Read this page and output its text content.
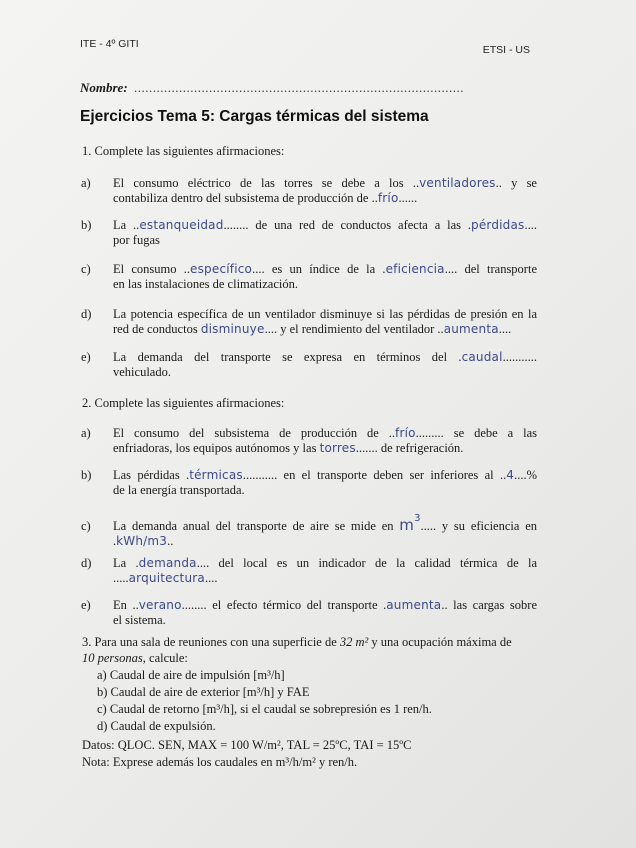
ITE - 4º GITI	ETSI - US
Nombre: ........................................................................................
Ejercicios Tema 5: Cargas térmicas del sistema
1. Complete las siguientes afirmaciones:
a) El consumo eléctrico de las torres se debe a los ..ventiladores.. y se
contabiliza dentro del subsistema de producción de ..frío......
b) La ..estanqueidad........ de una red de conductos afecta a las .pérdidas....
por fugas
c) El consumo ..específico.... es un índice de la .eficiencia.... del transporte
en las instalaciones de climatización.
d) La potencia específica de un ventilador disminuye si las pérdidas de presión en la
red de conductos disminuye.... y el rendimiento del ventilador ..aumenta....
e) La demanda del transporte se expresa en términos del .caudal...........
vehiculado.
2. Complete las siguientes afirmaciones:
a) El consumo del subsistema de producción de ..frío......... se debe a las
enfriadoras, los equipos autónomos y las torres....... de refrigeración.
b) Las pérdidas .térmicas........... en el transporte deben ser inferiores al ..4....%
de la energía transportada.
c) La demanda anual del transporte de aire se mide en $m^3$..... y su eficiencia en
.kWh/m3..
d) La .demanda.... del local es un indicador de la calidad térmica de la
.....arquitectura....
e) En ..verano........ el efecto térmico del transporte .aumenta.. las cargas sobre
el sistema.
3. Para una sala de reuniones con una superficie de 32 m² y una ocupación máxima de
10 personas, calcule:
a) Caudal de aire de impulsión [m³/h]
b) Caudal de aire de exterior [m³/h] y FAE
c) Caudal de retorno [m³/h], si el caudal se sobrepresión es 1 ren/h.
d) Caudal de expulsión.
Datos: QLOC. SEN, MAX = 100 W/m², TAL = 25ºC, TAI = 15ºC
Nota: Exprese además los caudales en m³/h/m² y ren/h.
